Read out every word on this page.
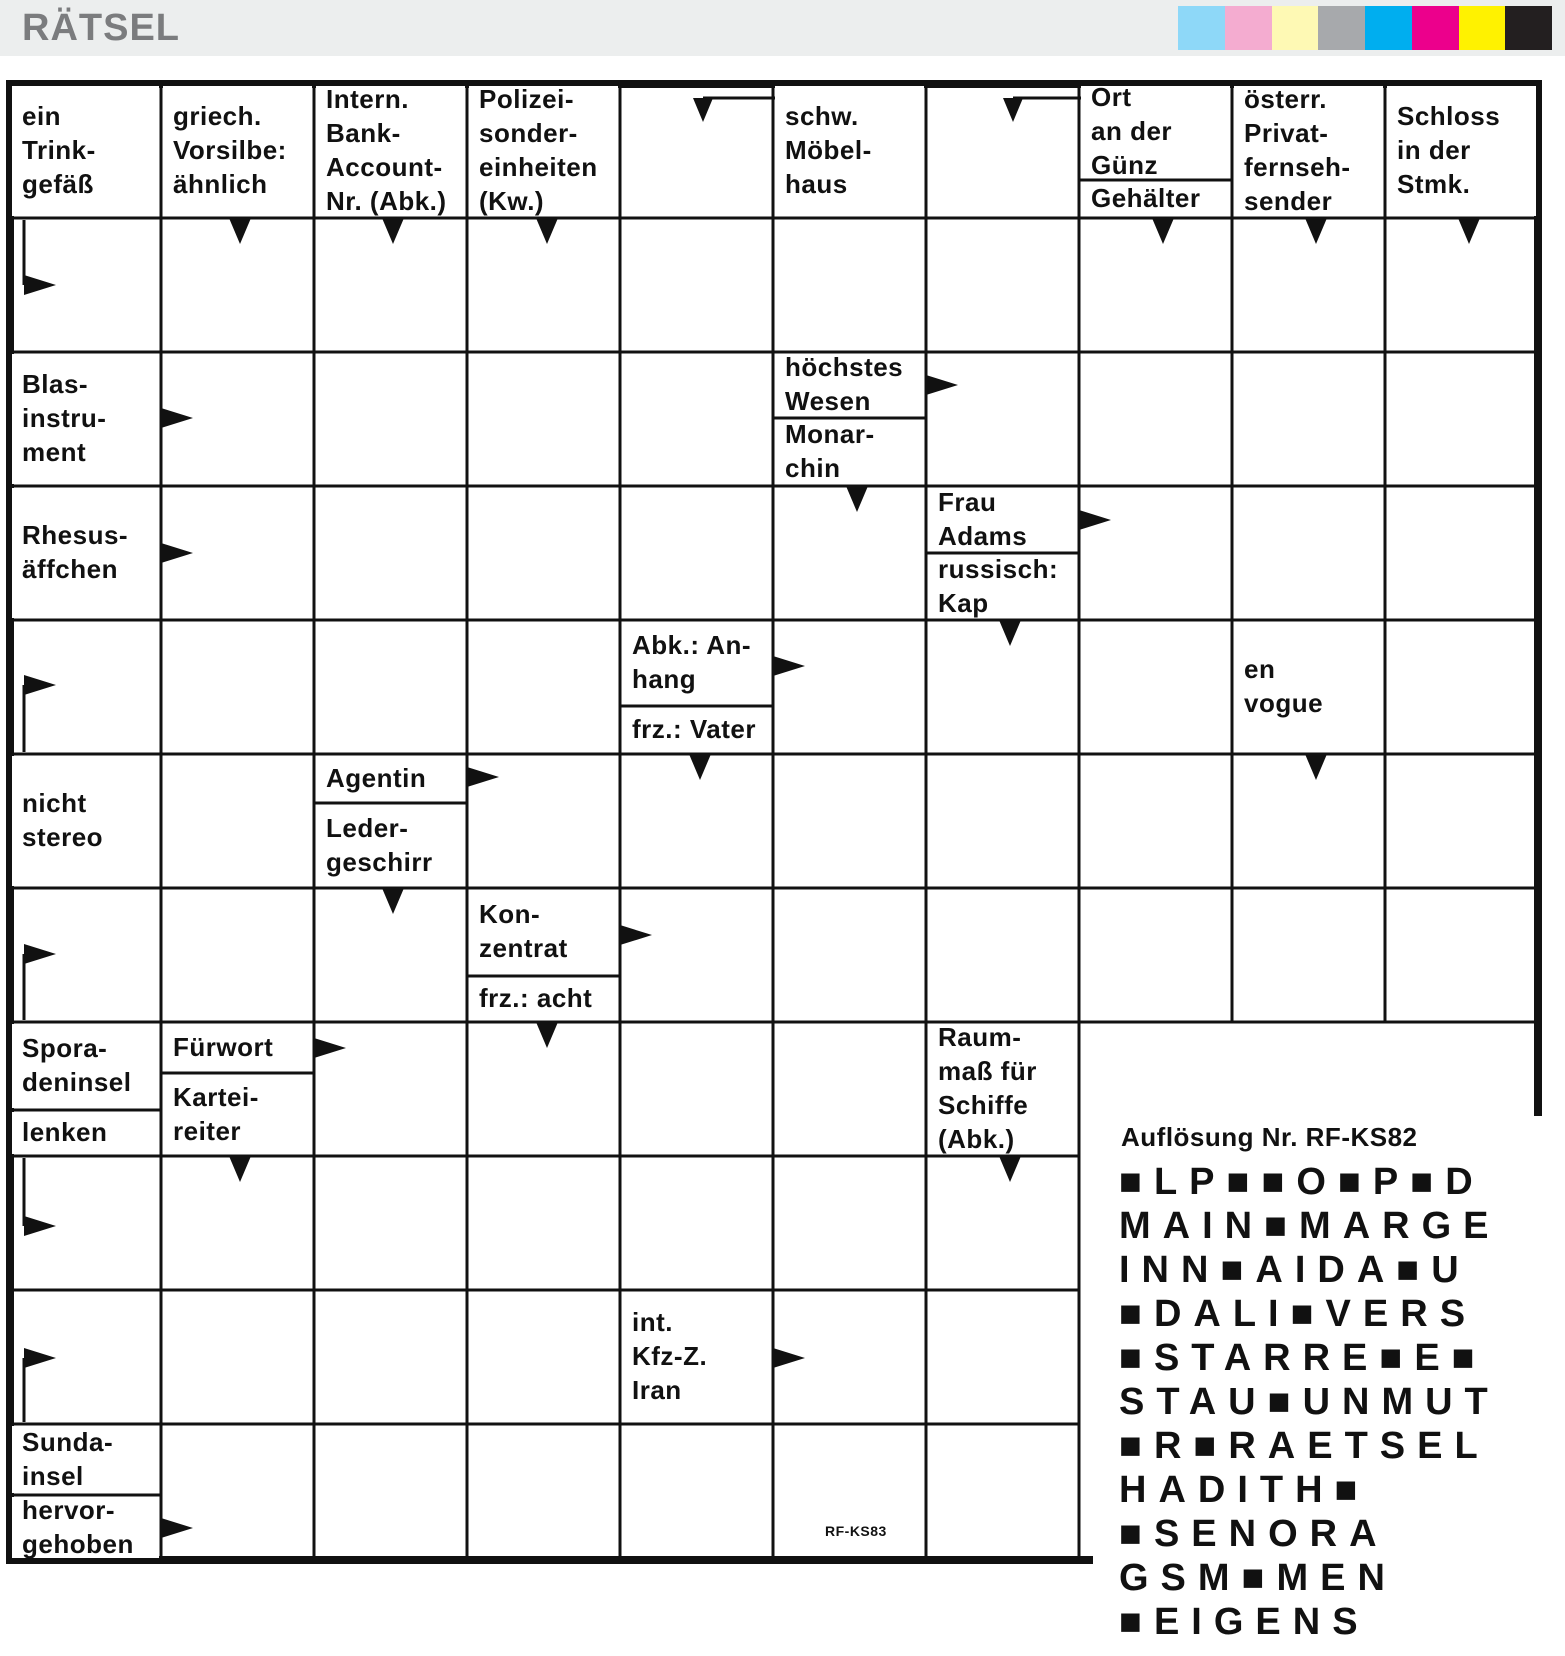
RÄTSEL
ein
Trink-
gefäß
griech.
Vorsilbe:
ähnlich
Intern.
Bank-
Account-
Nr. (Abk.)
Polizei-
sonder-
einheiten
(Kw.)
schw.
Möbel-
haus
Ort
an der
Günz
Gehälter
österr.
Privat-
fernseh-
sender
Schloss
in der
Stmk.
Blas-
instru-
ment
höchstes
Wesen
Monar-
chin
Rhesus-
äffchen
Frau
Adams
russisch:
Kap
Abk.: An-
hang
frz.: Vater
en
vogue
nicht
stereo
Agentin
Leder-
geschirr
Kon-
zentrat
frz.: acht
Spora-
deninsel
lenken
Fürwort
Kartei-
reiter
Raum-
maß für
Schiffe
(Abk.)
int.
Kfz-Z.
Iran
Sunda-
insel
hervor-
gehoben
Auflösung Nr. RF-KS82
■LP■■O■P■D
MAIN■MARGE
INN■AIDA■U
■DALI■VERS
■STARRE■E■
STAU■UNMUT
■R■RAETSEL
HADITH■
■SENORA
GSM■MEN
■EIGENS
RF-KS83
